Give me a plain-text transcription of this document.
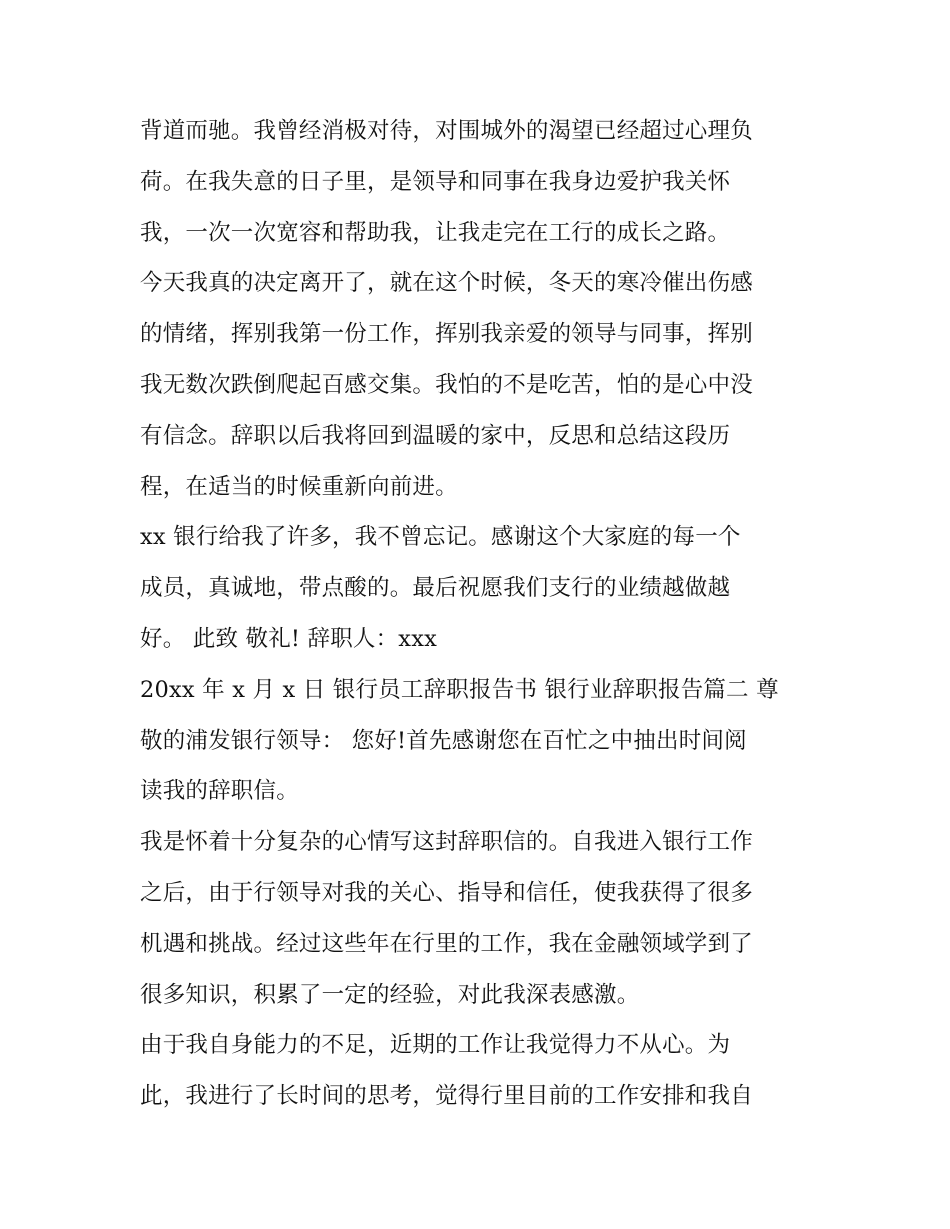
背道而驰。我曾经消极对待，对围城外的渴望已经超过心理负
荷。在我失意的日子里，是领导和同事在我身边爱护我关怀
我，一次一次宽容和帮助我，让我走完在工行的成长之路。
今天我真的决定离开了，就在这个时候，冬天的寒冷催出伤感
的情绪，挥别我第一份工作，挥别我亲爱的领导与同事，挥别
我无数次跌倒爬起百感交集。我怕的不是吃苦，怕的是心中没
有信念。辞职以后我将回到温暖的家中，反思和总结这段历
程，在适当的时候重新向前进。
xx 银行给我了许多，我不曾忘记。感谢这个大家庭的每一个
成员，真诚地，带点酸的。最后祝愿我们支行的业绩越做越
好。 此致 敬礼! 辞职人：xxx
20xx 年 x 月 x 日 银行员工辞职报告书 银行业辞职报告篇二 尊
敬的浦发银行领导： 您好!首先感谢您在百忙之中抽出时间阅
读我的辞职信。
我是怀着十分复杂的心情写这封辞职信的。自我进入银行工作
之后，由于行领导对我的关心、指导和信任，使我获得了很多
机遇和挑战。经过这些年在行里的工作，我在金融领域学到了
很多知识，积累了一定的经验，对此我深表感激。
由于我自身能力的不足，近期的工作让我觉得力不从心。为
此，我进行了长时间的思考，觉得行里目前的工作安排和我自
